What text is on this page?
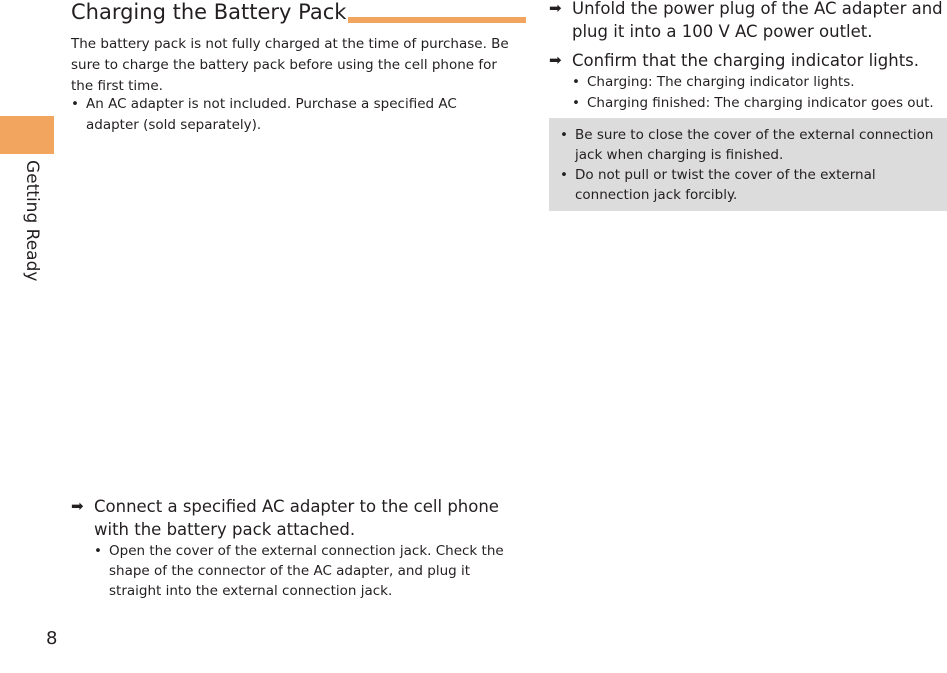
Getting Ready
8
Charging the Battery Pack

The battery pack is not fully charged at the time of purchase. Be sure to charge the battery pack before using the cell phone for the first time.

• An AC adapter is not included. Purchase a specified AC adapter (sold separately).
➡ Connect a specified AC adapter to the cell phone with the battery pack attached.
• Open the cover of the external connection jack. Check the shape of the connector of the AC adapter, and plug it straight into the external connection jack.
➡ Unfold the power plug of the AC adapter and plug it into a 100 V AC power outlet.
➡ Confirm that the charging indicator lights.
• Charging: The charging indicator lights.
• Charging finished: The charging indicator goes out.
• Be sure to close the cover of the external connection jack when charging is finished.
• Do not pull or twist the cover of the external connection jack forcibly.
